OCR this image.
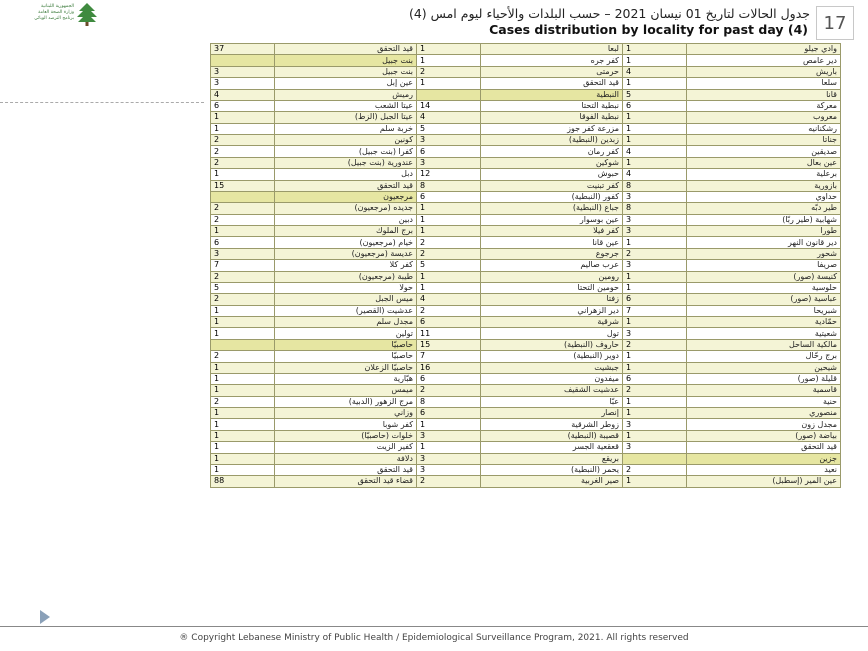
الجمهورية اللبنانية
وزارة الصحة العامة
برنامج الترصد الوبائي	17
جدول الحالات لتاريخ 01 نيسان 2021 – حسب البلدات والأحياء ليوم امس (4)
Cases distribution by locality for past day (4)
37	قيد التحقق	1	لبعا	1	وادي جيلو
	بنت جبيل	1	كفر جره	1	دير عامص
3	بنت جبيل	2	حرمتى	4	باريش
3	عين إبل	1	قيد التحقق	1	سلعا
4	رميش		النبطية	5	قانا
6	عيتا الشعب	14	نبطية التحتا	6	معركة
1	عيتا الجبل (الزط)	4	نبطية الفوقا	1	معروب
1	خربة سلم	5	مزرعة كفر جوز	1	رشكنانيه
2	كونين	3	زبدين (النبطية)	1	جناتا
2	كفرا (بنت جبيل)	6	كفر رمان	4	صديقين
2	عندورية (بنت جبيل)	3	شوكين	1	عين بعال
1	دبل	12	حبوش	4	برعلية
15	قيد التحقق	8	كفر تبنيت	8	بازورية
	مرجعيون	6	كفور (النبطية)	3	حداوي
2	جديده (مرجعيون)	1	جباع (النبطية)	8	طير دبّه
2	دبين	1	عين بوسوار	3	شهابية (طير ربّا)
1	برج الملوك	1	كفر فيلا	3	طورا
6	خيام (مرجعيون)	2	عين قانا	1	دير قانون النهر
3	عديسة (مرجعيون)	2	جرجوع	2	شحور
7	كفر كلا	5	عرب صاليم	3	صريفا
2	طيبة (مرجعيون)	1	رومين	1	كنيسة (صور)
5	حولا	1	حومين التحتا	1	حلّوسية
2	ميس الجبل	4	زفتا	6	عباسية (صور)
1	عدشيت (القصير)	2	دير الزهراني	7	شبريحا
1	مجدل سلم	6	شرقية	1	حمّادية
1	تولين	11	تول	3	شعيتية
	حاصبيّا	15	حاروف (النبطية)	2	مالكية الساحل
2	حاصبيّا	7	دوير (النبطية)	1	برج رحّال
1	حاصبيّا الزعلان	16	جبشيت	1	شيحين
1	هبّارية	6	ميفدون	6	قليلة (صور)
1	ميمس	2	عدشيت الشقيف	2	قاسمية
2	مرج الزهور (الدبية)	8	عبّا	1	حنية
1	وزاني	6	إنصار	1	منصوري
1	كفر شوبا	1	زوطر الشرقية	3	مجدل زون
1	خلوات (حاصبيّا)	3	قصيبة (النبطية)	1	بياضة (صور)
1	كفير الزيت	1	قعقعية الجسر	3	قيد التحقق
1	دلافة	3	بريقع		جزين
1	قيد التحقق	3	يحمر (النبطية)	2	نعيد
88	قضاء قيد التحقق	2	صير الغربية	1	عين المير (إسطبل)
® Copyright Lebanese Ministry of Public Health / Epidemiological Surveillance Program, 2021. All rights reserved
